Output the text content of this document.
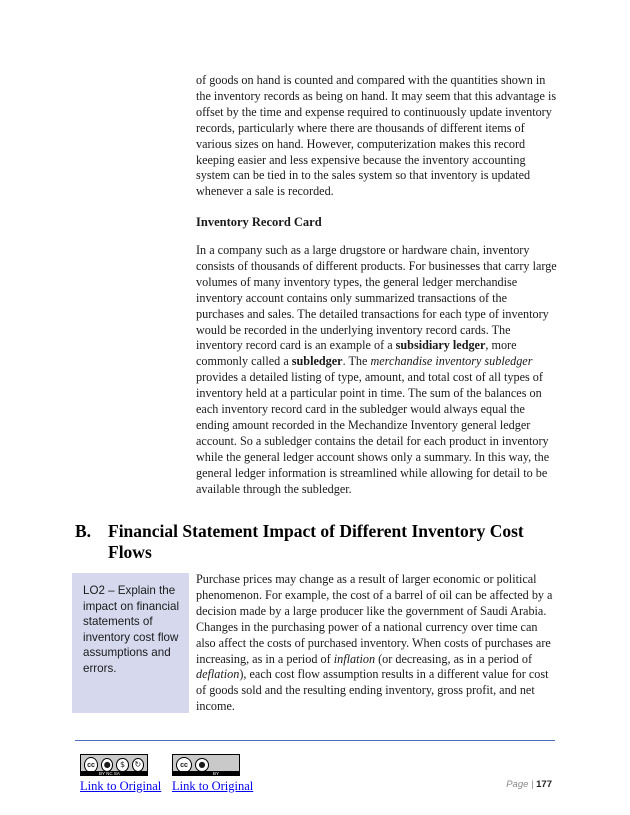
of goods on hand is counted and compared with the quantities shown in the inventory records as being on hand. It may seem that this advantage is offset by the time and expense required to continuously update inventory records, particularly where there are thousands of different items of various sizes on hand. However, computerization makes this record keeping easier and less expensive because the inventory accounting system can be tied in to the sales system so that inventory is updated whenever a sale is recorded.
Inventory Record Card
In a company such as a large drugstore or hardware chain, inventory consists of thousands of different products. For businesses that carry large volumes of many inventory types, the general ledger merchandise inventory account contains only summarized transactions of the purchases and sales. The detailed transactions for each type of inventory would be recorded in the underlying inventory record cards. The inventory record card is an example of a subsidiary ledger, more commonly called a subledger. The merchandise inventory subledger provides a detailed listing of type, amount, and total cost of all types of inventory held at a particular point in time. The sum of the balances on each inventory record card in the subledger would always equal the ending amount recorded in the Mechandize Inventory general ledger account. So a subledger contains the detail for each product in inventory while the general ledger account shows only a summary. In this way, the general ledger information is streamlined while allowing for detail to be available through the subledger.
B. Financial Statement Impact of Different Inventory Cost Flows
LO2 – Explain the impact on financial statements of inventory cost flow assumptions and errors.
Purchase prices may change as a result of larger economic or political phenomenon. For example, the cost of a barrel of oil can be affected by a decision made by a large producer like the government of Saudi Arabia. Changes in the purchasing power of a national currency over time can also affect the costs of purchased inventory. When costs of purchases are increasing, as in a period of inflation (or decreasing, as in a period of deflation), each cost flow assumption results in a different value for cost of goods sold and the resulting ending inventory, gross profit, and net income.
cc	●	$	↻
BY NC SA
cc	●
BY
Link to Original Link to Original	Page | 177
